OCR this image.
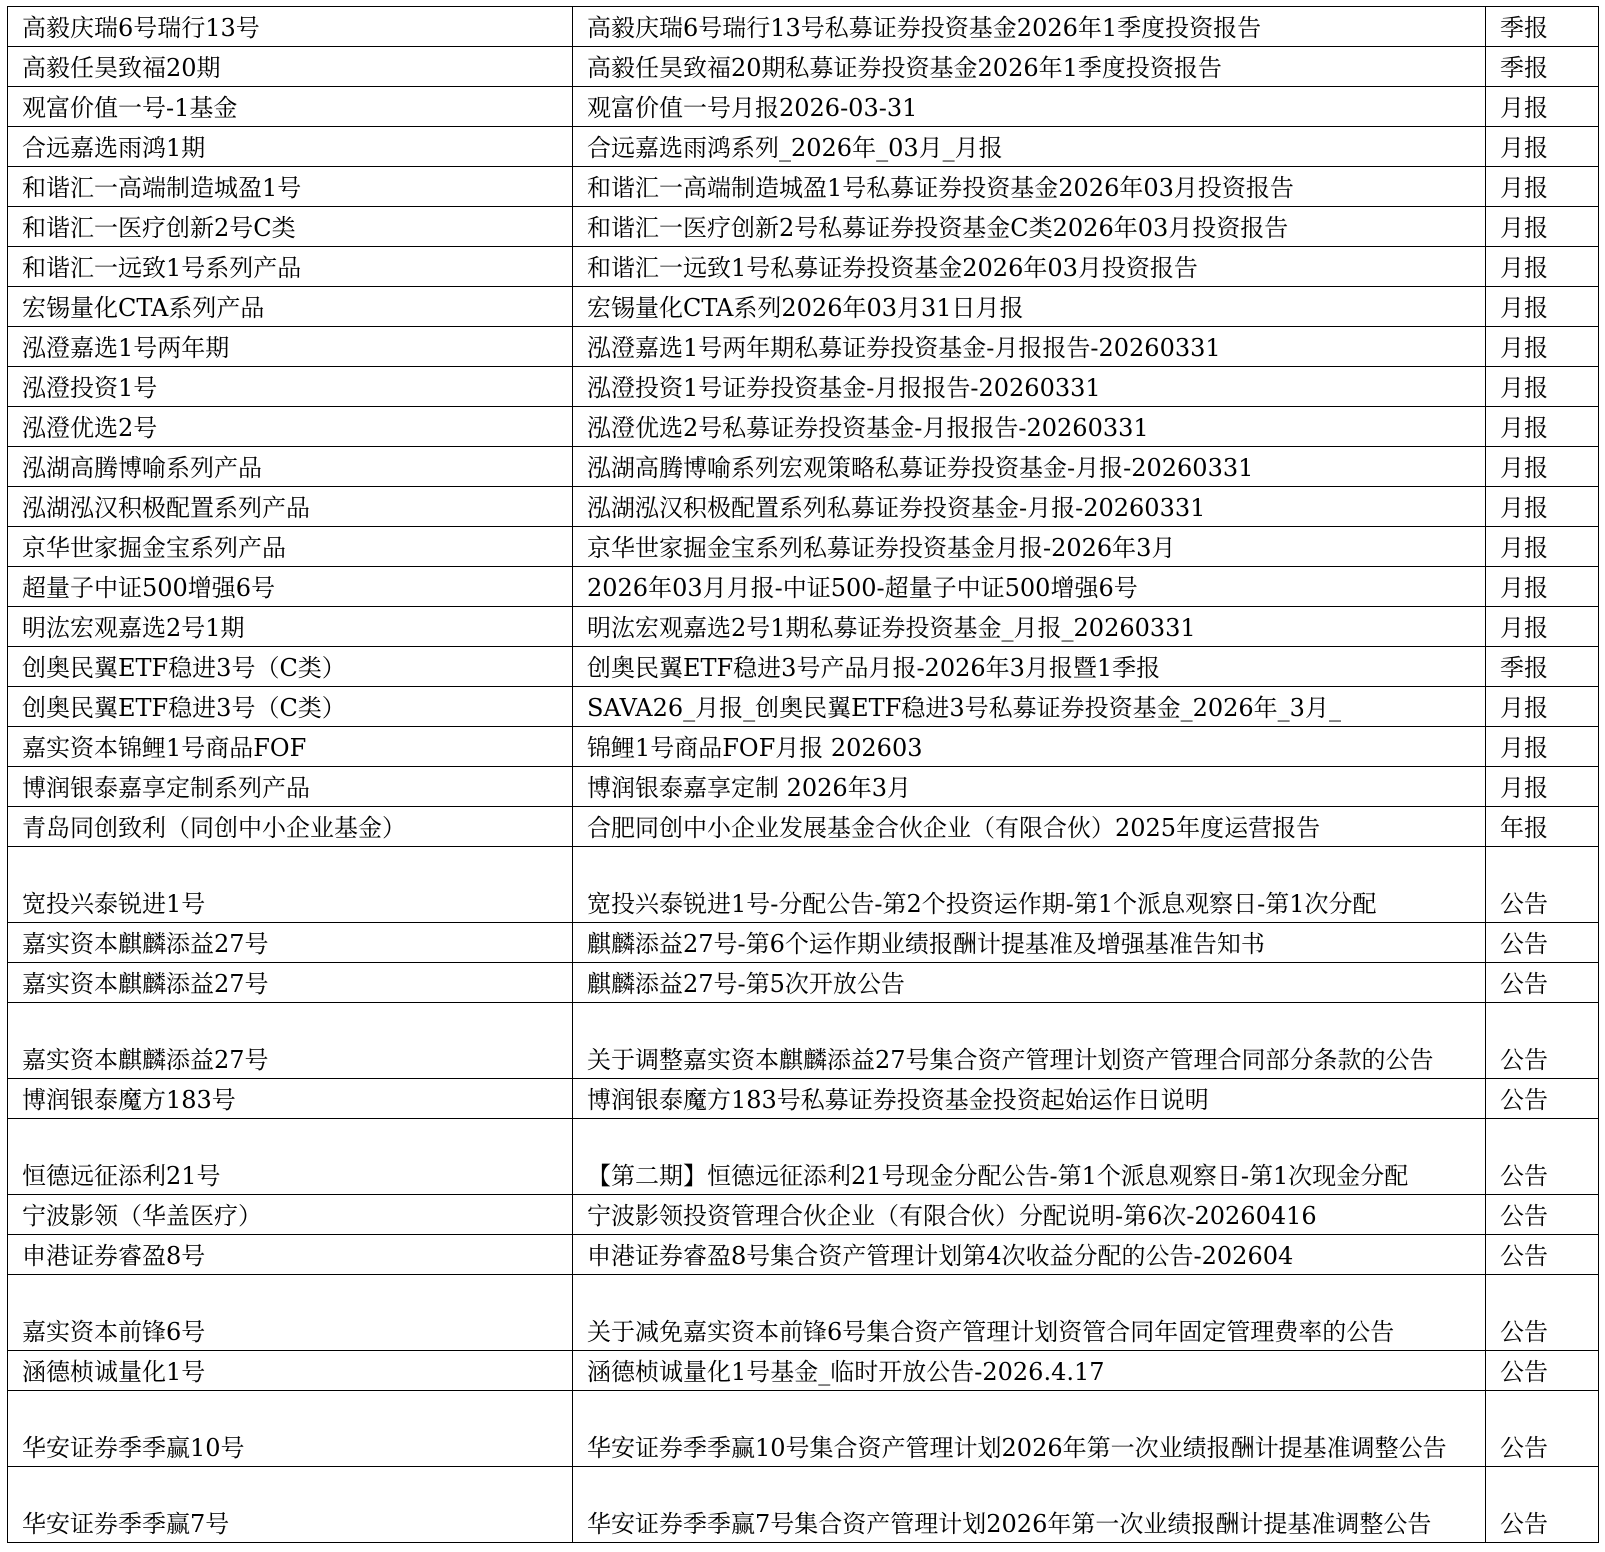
高毅庆瑞6号瑞行13号	高毅庆瑞6号瑞行13号私募证券投资基金2026年1季度投资报告	季报
高毅任昊致福20期	高毅任昊致福20期私募证券投资基金2026年1季度投资报告	季报
观富价值一号-1基金	观富价值一号月报2026-03-31	月报
合远嘉选雨鸿1期	合远嘉选雨鸿系列_2026年_03月_月报	月报
和谐汇一高端制造城盈1号	和谐汇一高端制造城盈1号私募证券投资基金2026年03月投资报告	月报
和谐汇一医疗创新2号C类	和谐汇一医疗创新2号私募证券投资基金C类2026年03月投资报告	月报
和谐汇一远致1号系列产品	和谐汇一远致1号私募证券投资基金2026年03月投资报告	月报
宏锡量化CTA系列产品	宏锡量化CTA系列2026年03月31日月报	月报
泓澄嘉选1号两年期	泓澄嘉选1号两年期私募证券投资基金-月报报告-20260331	月报
泓澄投资1号	泓澄投资1号证券投资基金-月报报告-20260331	月报
泓澄优选2号	泓澄优选2号私募证券投资基金-月报报告-20260331	月报
泓湖高腾博喻系列产品	泓湖高腾博喻系列宏观策略私募证券投资基金-月报-20260331	月报
泓湖泓汉积极配置系列产品	泓湖泓汉积极配置系列私募证券投资基金-月报-20260331	月报
京华世家掘金宝系列产品	京华世家掘金宝系列私募证券投资基金月报-2026年3月	月报
超量子中证500增强6号	2026年03月月报-中证500-超量子中证500增强6号	月报
明汯宏观嘉选2号1期	明汯宏观嘉选2号1期私募证券投资基金_月报_20260331	月报
创奥民翼ETF稳进3号（C类）	创奥民翼ETF稳进3号产品月报-2026年3月报暨1季报	季报
创奥民翼ETF稳进3号（C类）	SAVA26_月报_创奥民翼ETF稳进3号私募证券投资基金_2026年_3月_	月报
嘉实资本锦鲤1号商品FOF	锦鲤1号商品FOF月报 202603	月报
博润银泰嘉享定制系列产品	博润银泰嘉享定制 2026年3月	月报
青岛同创致利（同创中小企业基金）	合肥同创中小企业发展基金合伙企业（有限合伙）2025年度运营报告	年报
宽投兴泰锐进1号	宽投兴泰锐进1号-分配公告-第2个投资运作期-第1个派息观察日-第1次分配	公告
嘉实资本麒麟添益27号	麒麟添益27号-第6个运作期业绩报酬计提基准及增强基准告知书	公告
嘉实资本麒麟添益27号	麒麟添益27号-第5次开放公告	公告
嘉实资本麒麟添益27号	关于调整嘉实资本麒麟添益27号集合资产管理计划资产管理合同部分条款的公告	公告
博润银泰魔方183号	博润银泰魔方183号私募证券投资基金投资起始运作日说明	公告
恒德远征添利21号	【第二期】恒德远征添利21号现金分配公告-第1个派息观察日-第1次现金分配	公告
宁波影领（华盖医疗）	宁波影领投资管理合伙企业（有限合伙）分配说明-第6次-20260416	公告
申港证券睿盈8号	申港证券睿盈8号集合资产管理计划第4次收益分配的公告-202604	公告
嘉实资本前锋6号	关于减免嘉实资本前锋6号集合资产管理计划资管合同年固定管理费率的公告	公告
涵德桢诚量化1号	涵德桢诚量化1号基金_临时开放公告-2026.4.17	公告
华安证券季季赢10号	华安证券季季赢10号集合资产管理计划2026年第一次业绩报酬计提基准调整公告	公告
华安证券季季赢7号	华安证券季季赢7号集合资产管理计划2026年第一次业绩报酬计提基准调整公告	公告
